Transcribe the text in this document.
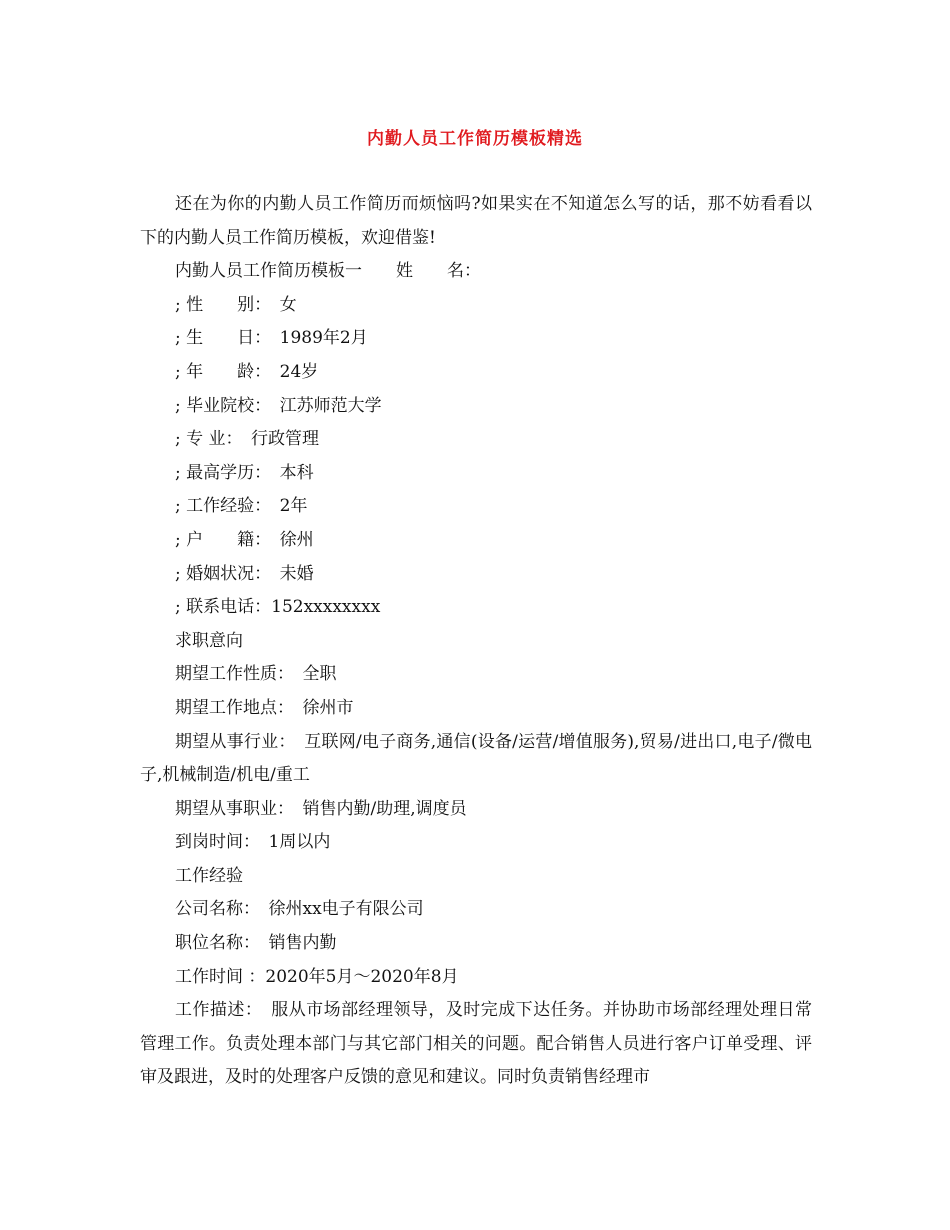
内勤人员工作简历模板精选

还在为你的内勤人员工作简历而烦恼吗?如果实在不知道怎么写的话，那不妨看看以下的内勤人员工作简历模板，欢迎借鉴!

内勤人员工作简历模板一　　姓　　名：

; 性　　别：　女

; 生　　日：　1989年2月

; 年　　龄：　24岁

; 毕业院校：　江苏师范大学

; 专 业：　行政管理

; 最高学历：　本科

; 工作经验：　2年

; 户　　籍：　徐州

; 婚姻状况：　未婚

; 联系电话：152xxxxxxxx

求职意向

期望工作性质：　全职

期望工作地点：　徐州市

期望从事行业：　互联网/电子商务,通信(设备/运营/增值服务),贸易/进出口,电子/微电子,机械制造/机电/重工

期望从事职业：　销售内勤/助理,调度员

到岗时间：　1周以内

工作经验

公司名称：　徐州xx电子有限公司

职位名称：　销售内勤

工作时间 ：2020年5月～2020年8月

工作描述：　服从市场部经理领导，及时完成下达任务。并协助市场部经理处理日常管理工作。负责处理本部门与其它部门相关的问题。配合销售人员进行客户订单受理、评审及跟进，及时的处理客户反馈的意见和建议。同时负责销售经理市
